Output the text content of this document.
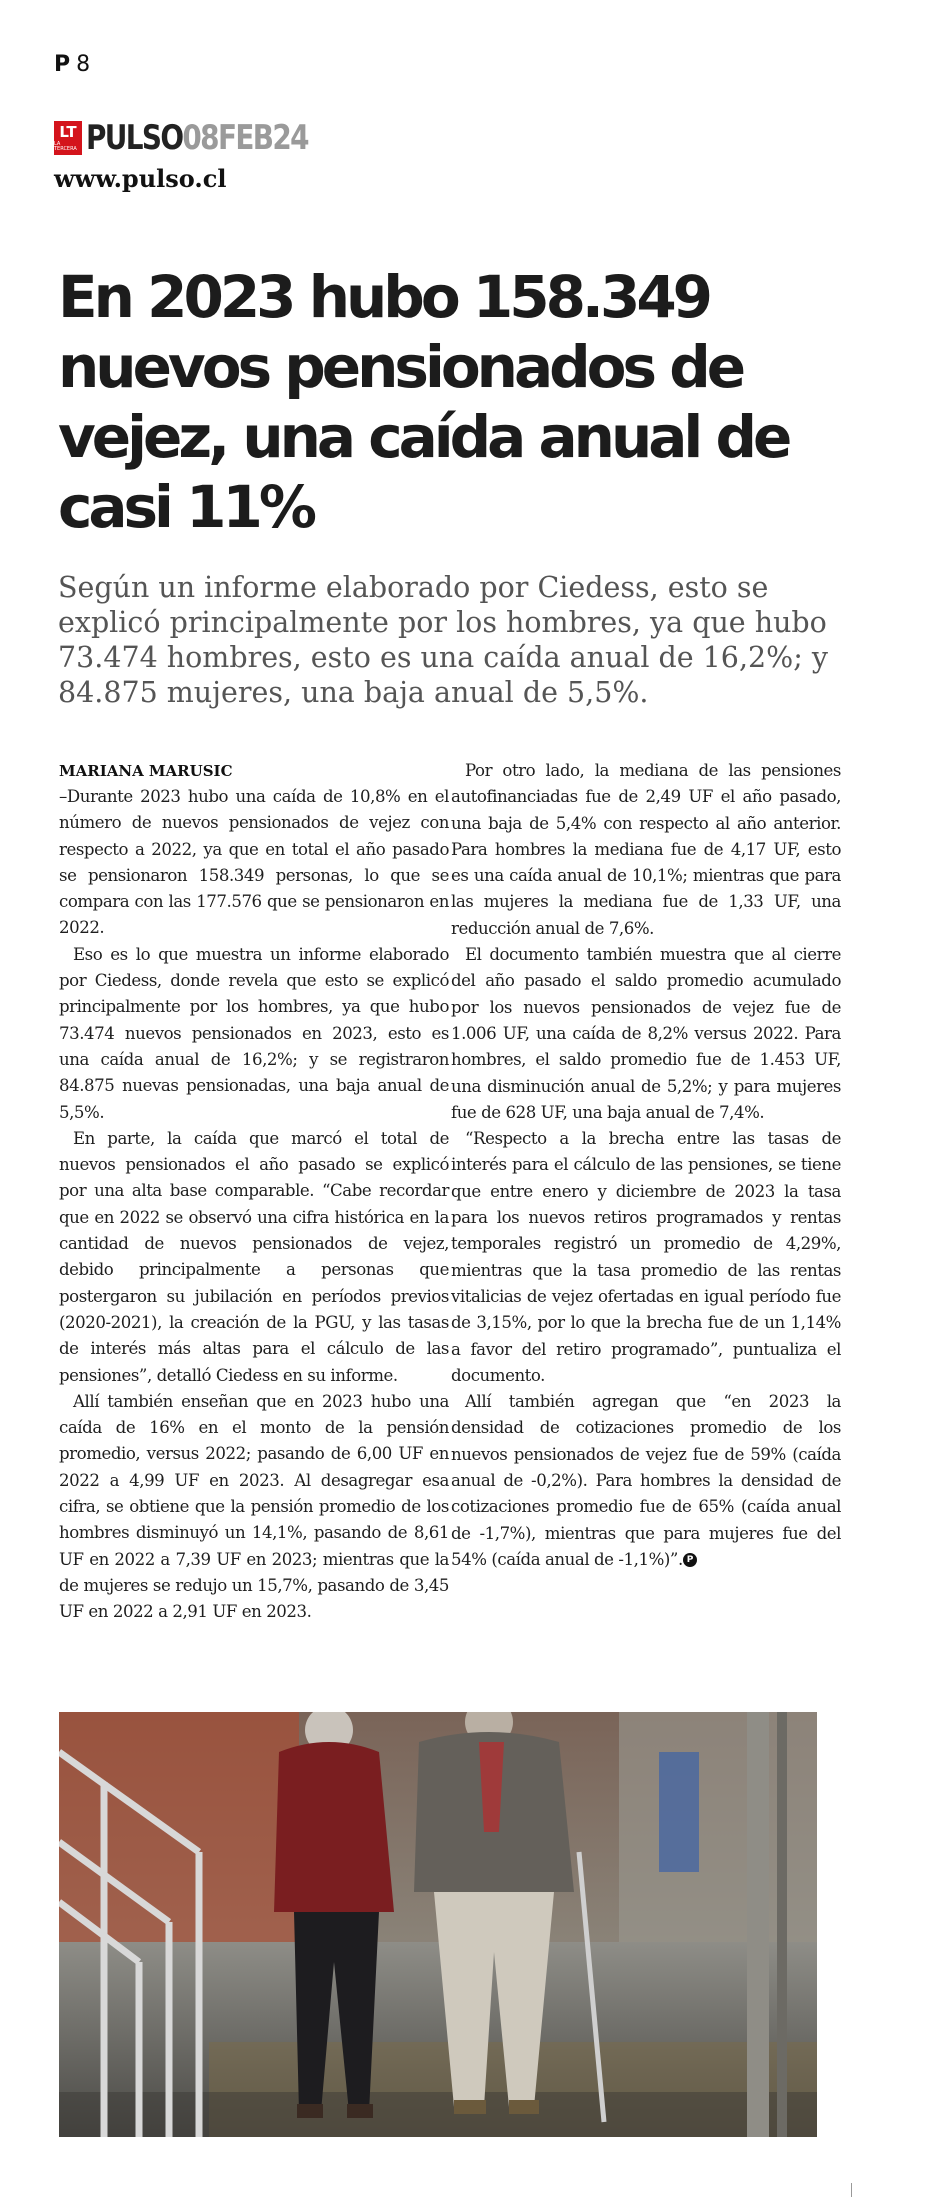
P 8
LT
LA TERCERA PULSO08FEB24
www.pulso.cl
En 2023 hubo 158.349 nuevos pensionados de vejez, una caída anual de casi 11%

Según un informe elaborado por Ciedess, esto se explicó principalmente por los hombres, ya que hubo 73.474 hombres, esto es una caída anual de 16,2%; y 84.875 mujeres, una baja anual de 5,5%.

MARIANA MARUSIC

–Durante 2023 hubo una caída de 10,8% en el número de nuevos pensionados de vejez con respecto a 2022, ya que en total el año pasado se pensionaron 158.349 personas, lo que se compara con las 177.576 que se pensionaron en 2022.

Eso es lo que muestra un informe elaborado por Ciedess, donde revela que esto se explicó principalmente por los hombres, ya que hubo 73.474 nuevos pensionados en 2023, esto es una caída anual de 16,2%; y se registraron 84.875 nuevas pensionadas, una baja anual de 5,5%.

En parte, la caída que marcó el total de nuevos pensionados el año pasado se explicó por una alta base comparable. “Cabe recordar que en 2022 se observó una cifra histórica en la cantidad de nuevos pensionados de vejez, debido principalmente a personas que postergaron su jubilación en períodos previos (2020-2021), la creación de la PGU, y las tasas de interés más altas para el cálculo de las pensiones”, detalló Ciedess en su informe.

Allí también enseñan que en 2023 hubo una caída de 16% en el monto de la pensión promedio, versus 2022; pasando de 6,00 UF en 2022 a 4,99 UF en 2023. Al desagregar esa cifra, se obtiene que la pensión promedio de los hombres disminuyó un 14,1%, pasando de 8,61 UF en 2022 a 7,39 UF en 2023; mientras que la de mujeres se redujo un 15,7%, pasando de 3,45 UF en 2022 a 2,91 UF en 2023.

Por otro lado, la mediana de las pensiones autofinanciadas fue de 2,49 UF el año pasado, una baja de 5,4% con respecto al año anterior. Para hombres la mediana fue de 4,17 UF, esto es una caída anual de 10,1%; mientras que para las mujeres la mediana fue de 1,33 UF, una reducción anual de 7,6%.

El documento también muestra que al cierre del año pasado el saldo promedio acumulado por los nuevos pensionados de vejez fue de 1.006 UF, una caída de 8,2% versus 2022. Para hombres, el saldo promedio fue de 1.453 UF, una disminución anual de 5,2%; y para mujeres fue de 628 UF, una baja anual de 7,4%.

“Respecto a la brecha entre las tasas de interés para el cálculo de las pensiones, se tiene que entre enero y diciembre de 2023 la tasa para los nuevos retiros programados y rentas temporales registró un promedio de 4,29%, mientras que la tasa promedio de las rentas vitalicias de vejez ofertadas en igual período fue de 3,15%, por lo que la brecha fue de un 1,14% a favor del retiro programado”, puntualiza el documento.

Allí también agregan que “en 2023 la densidad de cotizaciones promedio de los nuevos pensionados de vejez fue de 59% (caída anual de -0,2%). Para hombres la densidad de cotizaciones promedio fue de 65% (caída anual de -1,7%), mientras que para mujeres fue del 54% (caída anual de -1,1%)”. P
